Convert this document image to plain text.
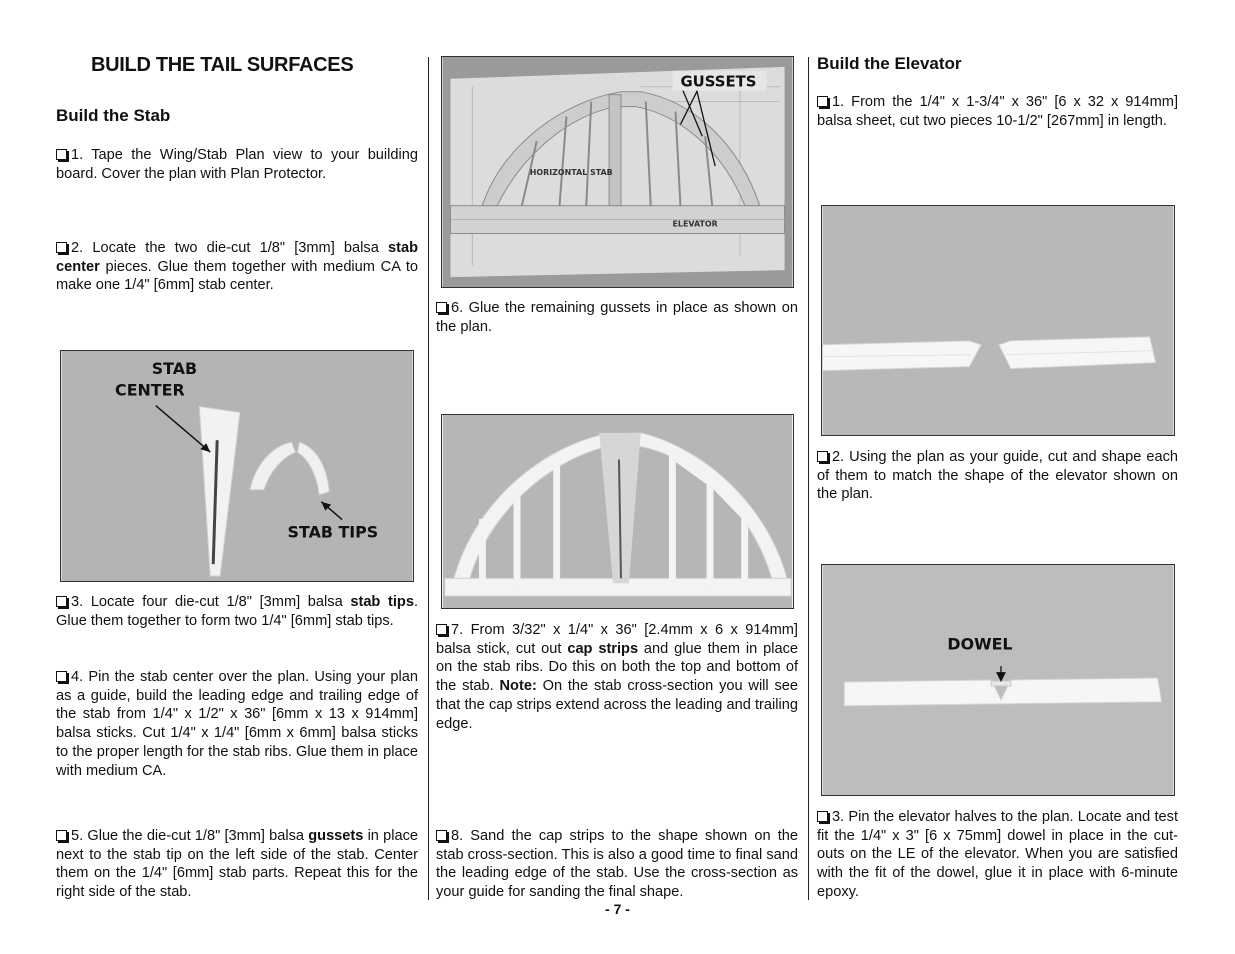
BUILD THE TAIL SURFACES
Build the Stab

1. Tape the Wing/Stab Plan view to your building board. Cover the plan with Plan Protector.

2. Locate the two die-cut 1/8" [3mm] balsa stab center pieces. Glue them together with medium CA to make one 1/4" [6mm] stab center.

STAB
CENTER
STAB TIPS

3. Locate four die-cut 1/8" [3mm] balsa stab tips. Glue them together to form two 1/4" [6mm] stab tips.

4. Pin the stab center over the plan. Using your plan as a guide, build the leading edge and trailing edge of the stab from 1/4" x 1/2" x 36" [6mm x 13 x 914mm] balsa sticks. Cut 1/4" x 1/4" [6mm x 6mm] balsa sticks to the proper length for the stab ribs. Glue them in place with medium CA.

5. Glue the die-cut 1/8" [3mm] balsa gussets in place next to the stab tip on the left side of the stab. Center them on the 1/4" [6mm] stab parts. Repeat this for the right side of the stab.

GUSSETS
HORIZONTAL STAB
ELEVATOR

6. Glue the remaining gussets in place as shown on the plan.

7. From 3/32" x 1/4" x 36" [2.4mm x 6 x 914mm] balsa stick, cut out cap strips and glue them in place on the stab ribs. Do this on both the top and bottom of the stab. Note: On the stab cross-section you will see that the cap strips extend across the leading and trailing edge.

8. Sand the cap strips to the shape shown on the stab cross-section. This is also a good time to final sand the leading edge of the stab. Use the cross-section as your guide for sanding the final shape.

Build the Elevator

1. From the 1/4" x 1-3/4" x 36" [6 x 32 x 914mm] balsa sheet, cut two pieces 10-1/2" [267mm] in length.

2. Using the plan as your guide, cut and shape each of them to match the shape of the elevator shown on the plan.

DOWEL

3. Pin the elevator halves to the plan. Locate and test fit the 1/4" x 3" [6 x 75mm] dowel in place in the cut-outs on the LE of the elevator. When you are satisfied with the fit of the dowel, glue it in place with 6-minute epoxy.

- 7 -
